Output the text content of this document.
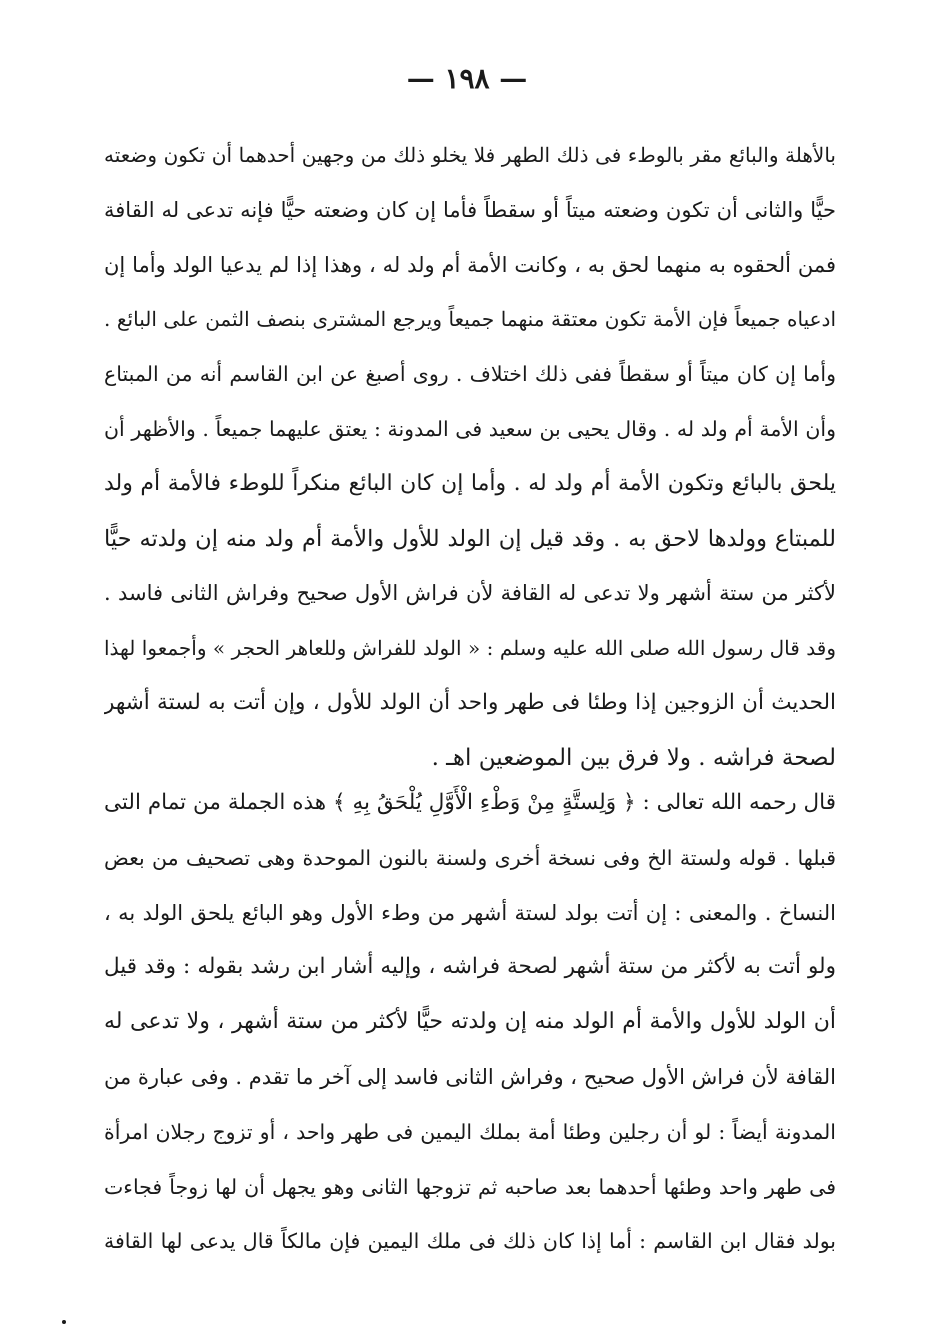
— ١٩٨ —
بالأهلة والبائع مقر بالوطء فى ذلك الطهر فلا يخلو ذلك من وجهين أحدهما أن تكون وضعته
حيًّا والثانى أن تكون وضعته ميتاً أو سقطاً فأما إن كان وضعته حيًّا فإنه تدعى له القافة
فمن ألحقوه به منهما لحق به ، وكانت الأمة أم ولد له ، وهذا إذا لم يدعيا الولد وأما إن
ادعياه جميعاً فإن الأمة تكون معتقة منهما جميعاً ويرجع المشترى بنصف الثمن على البائع .
وأما إن كان ميتاً أو سقطاً ففى ذلك اختلاف . روى أصبغ عن ابن القاسم أنه من المبتاع
وأن الأمة أم ولد له . وقال يحيى بن سعيد فى المدونة : يعتق عليهما جميعاً . والأظهر أن
يلحق بالبائع وتكون الأمة أم ولد له . وأما إن كان البائع منكراً للوطء فالأمة أم ولد
للمبتاع وولدها لاحق به . وقد قيل إن الولد للأول والأمة أم ولد منه إن ولدته حيًّا
لأكثر من ستة أشهر ولا تدعى له القافة لأن فراش الأول صحيح وفراش الثانى فاسد .
وقد قال رسول الله صلى الله عليه وسلم : « الولد للفراش وللعاهر الحجر » وأجمعوا لهذا
الحديث أن الزوجين إذا وطئا فى طهر واحد أن الولد للأول ، وإن أتت به لستة أشهر
لصحة فراشه . ولا فرق بين الموضعين اهـ .
قال رحمه الله تعالى : ﴿ وَلِستَّةٍ مِنْ وَطْءِ الْأَوَّلِ يُلْحَقُ بِهِ ﴾ هذه الجملة من تمام التى
قبلها . قوله ولستة الخ وفى نسخة أخرى ولسنة بالنون الموحدة وهى تصحيف من بعض
النساخ . والمعنى : إن أتت بولد لستة أشهر من وطء الأول وهو البائع يلحق الولد به ،
ولو أتت به لأكثر من ستة أشهر لصحة فراشه ، وإليه أشار ابن رشد بقوله : وقد قيل
أن الولد للأول والأمة أم الولد منه إن ولدته حيًّا لأكثر من ستة أشهر ، ولا تدعى له
القافة لأن فراش الأول صحيح ، وفراش الثانى فاسد إلى آخر ما تقدم . وفى عبارة من
المدونة أيضاً : لو أن رجلين وطئا أمة بملك اليمين فى طهر واحد ، أو تزوج رجلان امرأة
فى طهر واحد وطئها أحدهما بعد صاحبه ثم تزوجها الثانى وهو يجهل أن لها زوجاً فجاءت
بولد فقال ابن القاسم : أما إذا كان ذلك فى ملك اليمين فإن مالكاً قال يدعى لها القافة
